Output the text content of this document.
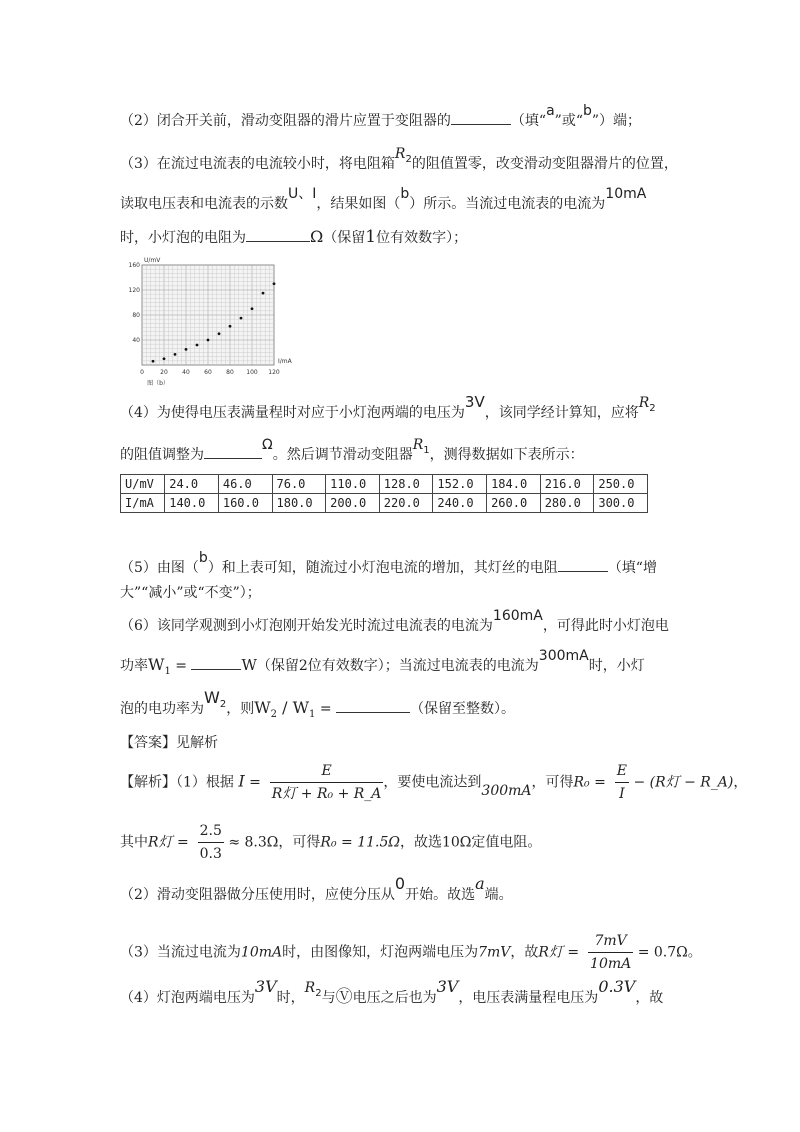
（2）闭合开关前，滑动变阻器的滑片应置于变阻器的	（填“a”或“b”）端；
（3）在流过电流表的电流较小时，将电阻箱$R_2$的阻值置零，改变滑动变阻器滑片的位置，
读取电压表和电流表的示数U、I，结果如图（b）所示。当流过电流表的电流为10mA
时，小灯泡的电阻为	Ω（保留1位有效数字）；
0	20 40 60 80 100 120
40
80
120
160
U/mV
I/mA
图（b）
（4）为使得电压表满量程时对应于小灯泡两端的电压为3V，该同学经计算知，应将$R_2$
的阻值调整为Ω。然后调节滑动变阻器$R_1$，测得数据如下表所示：
U/mV	24.0	46.0	76.0	110.0	128.0	152.0	184.0	216.0	250.0
I/mA	140.0	160.0	180.0	200.0	220.0	240.0	260.0	280.0	300.0
（5）由图（b）和上表可知，随流过小灯泡电流的增加，其灯丝的电阻	（填“增
大”“减小”或“不变”）；
（6）该同学观测到小灯泡刚开始发光时流过电流表的电流为160mA，可得此时小灯泡电
功率$W_1$ =	W（保留2位有效数字）；当流过电流表的电流为300mA时，小灯
泡的电功率为$W_2$，则$W_2 / W_1$ =	（保留至整数）。
【答案】见解析
【解析】（1）根据 $I = \frac{E}{\text{R灯 + R₀ + R\_A}}$ ，要使电流达到300mA，可得$R_0 = \frac{E}{I} - (R$灯 − R_A)，
其中R灯 = $\frac{2.5}{0.3} \approx 8.3\Omega$，可得R₀ = 11.5Ω，故选10Ω定值电阻。
（2）滑动变阻器做分压使用时，应使分压从0开始。故选a端。
（3）当流过电流为10mA时，由图像知，灯泡两端电压为7mV，故R灯 = $\frac{7mV}{10mA} = 0.7\Omega$。
（4）灯泡两端电压为3V时，$R_2$与Ⓥ电压之后也为3V，电压表满量程电压为0.3V，故
